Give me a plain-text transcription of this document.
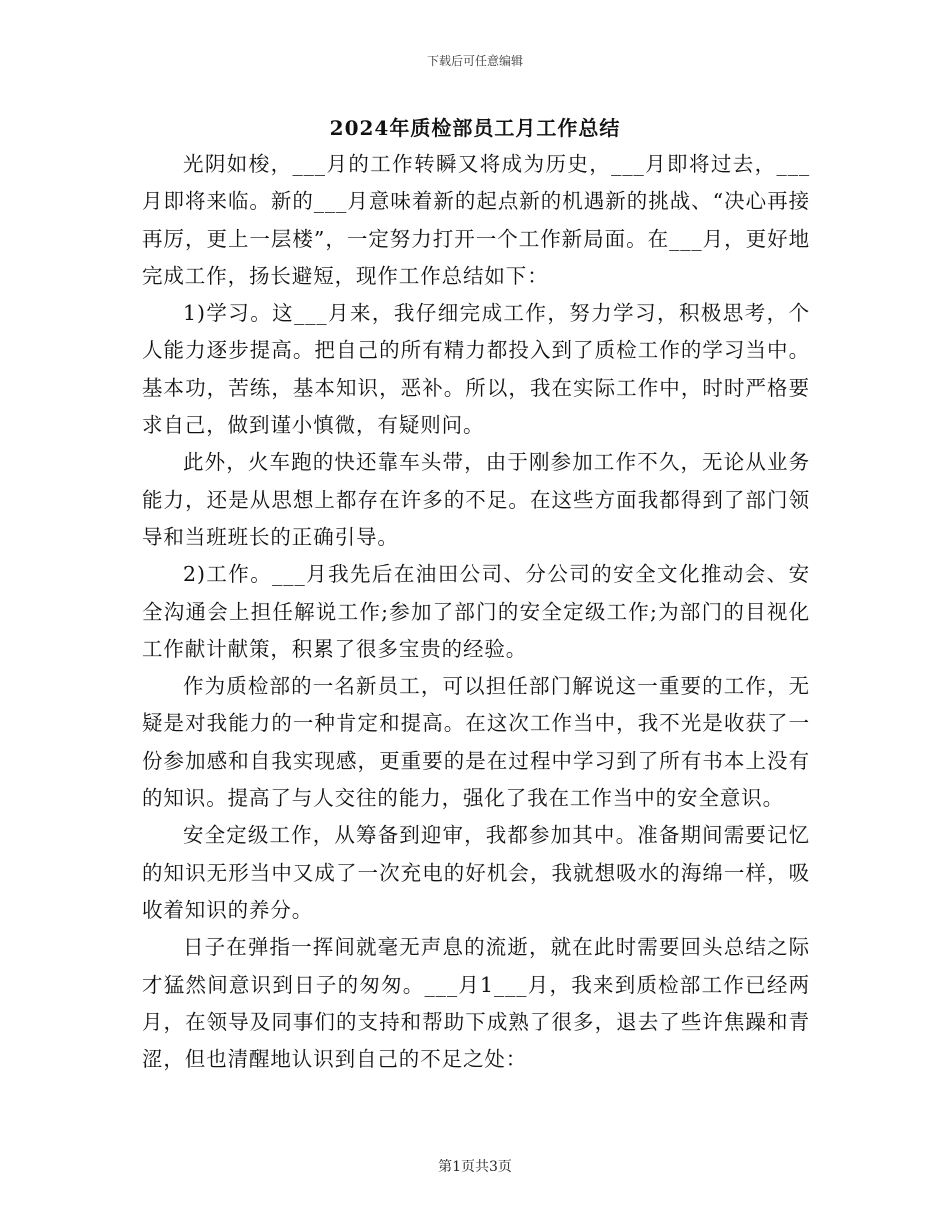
下载后可任意编辑
2024年质检部员工月工作总结

光阴如梭，___月的工作转瞬又将成为历史，___月即将过去，___月即将来临。新的___月意味着新的起点新的机遇新的挑战、“决心再接再厉，更上一层楼”，一定努力打开一个工作新局面。在___月，更好地完成工作，扬长避短，现作工作总结如下：

1)学习。这___月来，我仔细完成工作，努力学习，积极思考，个人能力逐步提高。把自己的所有精力都投入到了质检工作的学习当中。基本功，苦练，基本知识，恶补。所以，我在实际工作中，时时严格要求自己，做到谨小慎微，有疑则问。

此外，火车跑的快还靠车头带，由于刚参加工作不久，无论从业务能力，还是从思想上都存在许多的不足。在这些方面我都得到了部门领导和当班班长的正确引导。

2)工作。___月我先后在油田公司、分公司的安全文化推动会、安全沟通会上担任解说工作;参加了部门的安全定级工作;为部门的目视化工作献计献策，积累了很多宝贵的经验。

作为质检部的一名新员工，可以担任部门解说这一重要的工作，无疑是对我能力的一种肯定和提高。在这次工作当中，我不光是收获了一份参加感和自我实现感，更重要的是在过程中学习到了所有书本上没有的知识。提高了与人交往的能力，强化了我在工作当中的安全意识。

安全定级工作，从筹备到迎审，我都参加其中。准备期间需要记忆的知识无形当中又成了一次充电的好机会，我就想吸水的海绵一样，吸收着知识的养分。

日子在弹指一挥间就毫无声息的流逝，就在此时需要回头总结之际才猛然间意识到日子的匆匆。___月1___月，我来到质检部工作已经两月，在领导及同事们的支持和帮助下成熟了很多，退去了些许焦躁和青涩，但也清醒地认识到自己的不足之处：

第1页共3页
